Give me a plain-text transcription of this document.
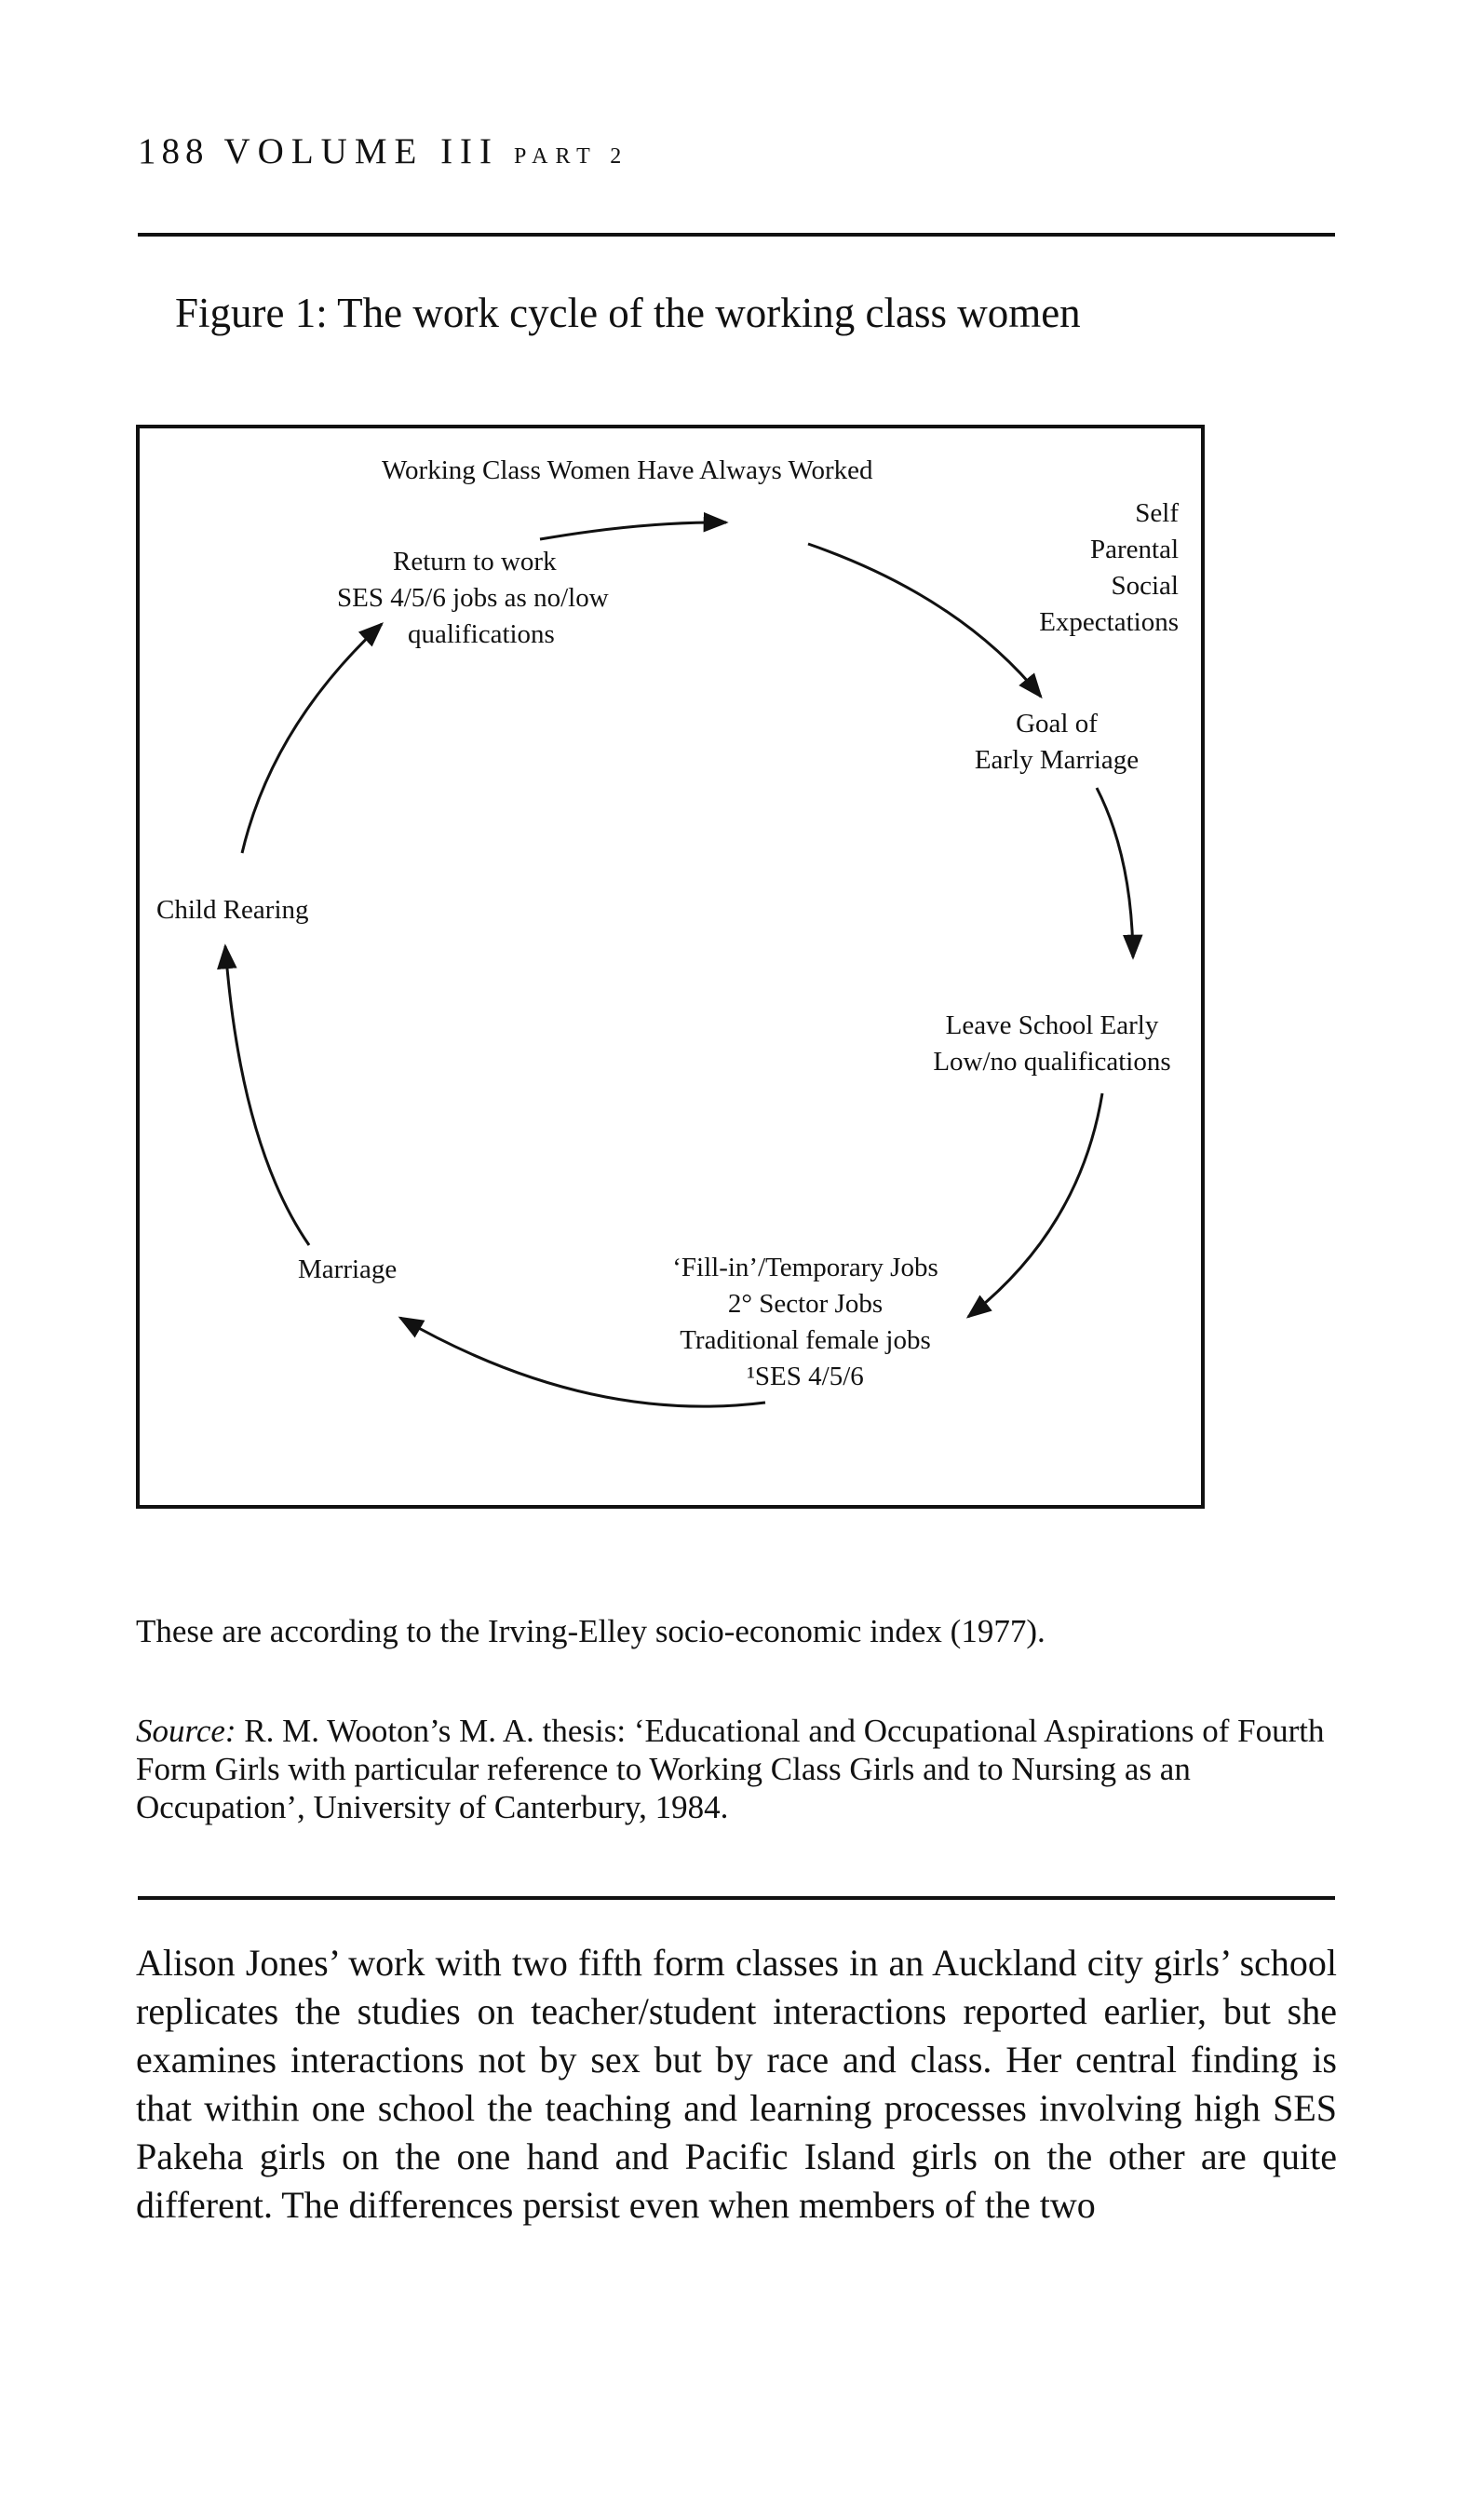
188 VOLUME III PART 2
Figure 1: The work cycle of the working class women
Working Class Women Have Always Worked
Self
Parental
Social
Expectations
Goal of
Early Marriage
Leave School Early
Low/no qualifications
‘Fill-in’/Temporary Jobs
2° Sector Jobs
Traditional female jobs
¹SES 4/5/6
Marriage
Child Rearing
Return to work
SES 4/5/6 jobs as no/low
qualifications
These are according to the Irving-Elley socio-economic index (1977).
Source: R. M. Wooton’s M. A. thesis: ‘Educational and Occupational Aspirations of Fourth Form Girls with particular reference to Working Class Girls and to Nursing as an Occupation’, University of Canterbury, 1984.
Alison Jones’ work with two fifth form classes in an Auckland city girls’ school replicates the studies on teacher/student interactions reported earlier, but she examines interactions not by sex but by race and class. Her central finding is that within one school the teaching and learning processes involving high SES Pakeha girls on the one hand and Pacific Island girls on the other are quite different. The differences persist even when members of the two
